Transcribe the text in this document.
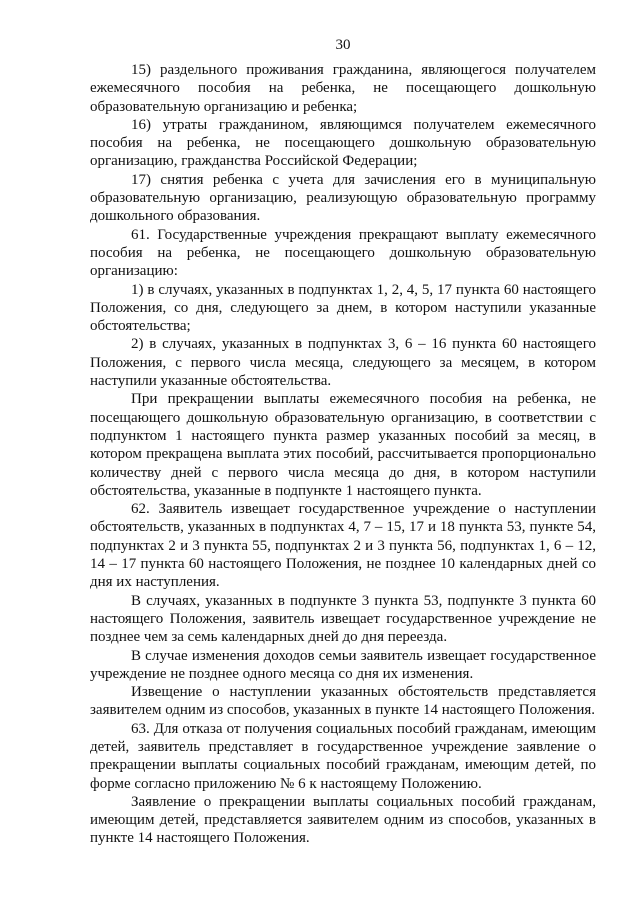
30

15) раздельного проживания гражданина, являющегося получателем ежемесячного пособия на ребенка, не посещающего дошкольную образовательную организацию и ребенка;

16) утраты гражданином, являющимся получателем ежемесячного пособия на ребенка, не посещающего дошкольную образовательную организацию, гражданства Российской Федерации;

17) снятия ребенка с учета для зачисления его в муниципальную образовательную организацию, реализующую образовательную программу дошкольного образования.

61. Государственные учреждения прекращают выплату ежемесячного пособия на ребенка, не посещающего дошкольную образовательную организацию:

1) в случаях, указанных в подпунктах 1, 2, 4, 5, 17 пункта 60 настоящего Положения, со дня, следующего за днем, в котором наступили указанные обстоятельства;

2) в случаях, указанных в подпунктах 3, 6 – 16 пункта 60 настоящего Положения, с первого числа месяца, следующего за месяцем, в котором наступили указанные обстоятельства.

При прекращении выплаты ежемесячного пособия на ребенка, не посещающего дошкольную образовательную организацию, в соответствии с подпунктом 1 настоящего пункта размер указанных пособий за месяц, в котором прекращена выплата этих пособий, рассчитывается пропорционально количеству дней с первого числа месяца до дня, в котором наступили обстоятельства, указанные в подпункте 1 настоящего пункта.

62. Заявитель извещает государственное учреждение о наступлении обстоятельств, указанных в подпунктах 4, 7 – 15, 17 и 18 пункта 53, пункте 54, подпунктах 2 и 3 пункта 55, подпунктах 2 и 3 пункта 56, подпунктах 1, 6 – 12, 14 – 17 пункта 60 настоящего Положения, не позднее 10 календарных дней со дня их наступления.

В случаях, указанных в подпункте 3 пункта 53, подпункте 3 пункта 60 настоящего Положения, заявитель извещает государственное учреждение не позднее чем за семь календарных дней до дня переезда.

В случае изменения доходов семьи заявитель извещает государственное учреждение не позднее одного месяца со дня их изменения.

Извещение о наступлении указанных обстоятельств представляется заявителем одним из способов, указанных в пункте 14 настоящего Положения.

63. Для отказа от получения социальных пособий гражданам, имеющим детей, заявитель представляет в государственное учреждение заявление о прекращении выплаты социальных пособий гражданам, имеющим детей, по форме согласно приложению № 6 к настоящему Положению.

Заявление о прекращении выплаты социальных пособий гражданам, имеющим детей, представляется заявителем одним из способов, указанных в пункте 14 настоящего Положения.
